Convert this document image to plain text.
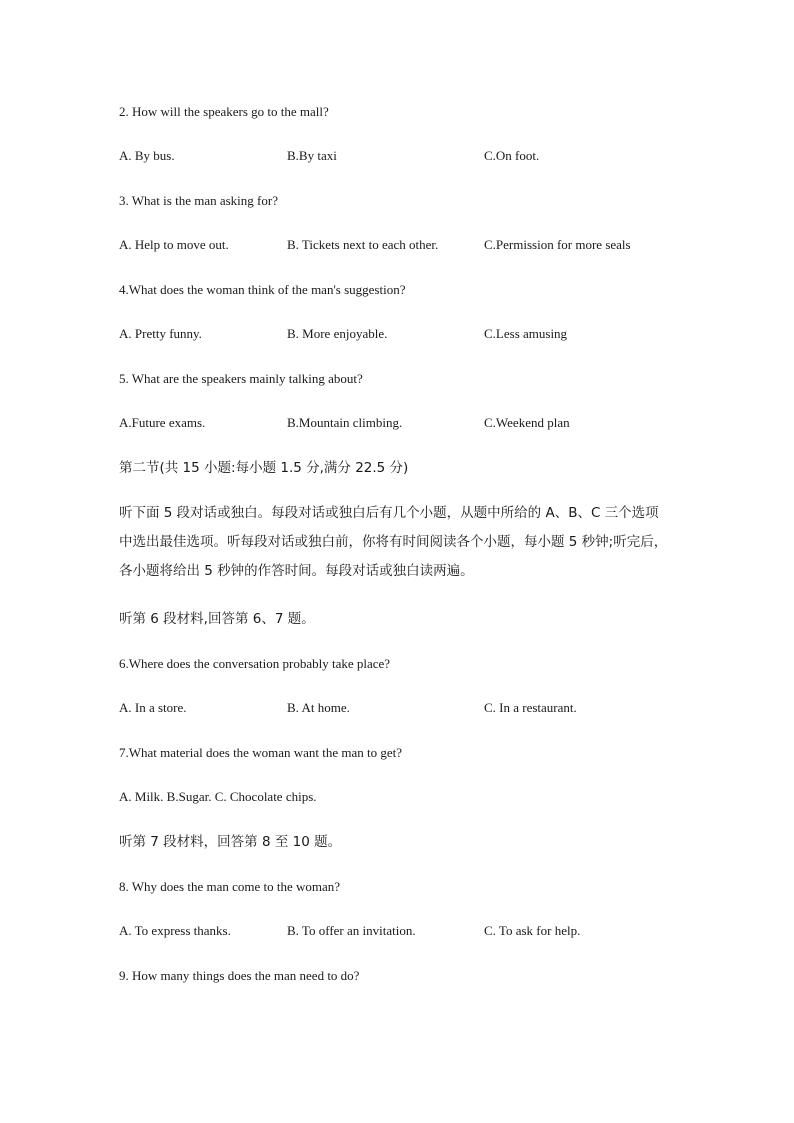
2. How will the speakers go to the mall?
A. By bus.	B.By taxi	C.On foot.
3. What is the man asking for?
A. Help to move out.	B. Tickets next to each other.	C.Permission for more seals
4.What does the woman think of the man's suggestion?
A. Pretty funny.	B. More enjoyable.	C.Less amusing
5. What are the speakers mainly talking about?
A.Future exams.	B.Mountain climbing.	C.Weekend plan
第二节(共 15 小题:每小题 1.5 分,满分 22.5 分)
听下面 5 段对话或独白。每段对话或独白后有几个小题，从题中所给的 A、B、C 三个选项
中选出最佳选项。听每段对话或独白前，你将有时间阅读各个小题，每小题 5 秒钟;听完后，
各小题将给出 5 秒钟的作答时间。每段对话或独白读两遍。
听第 6 段材料,回答第 6、7 题。
6.Where does the conversation probably take place?
A. In a store.	B. At home.	C. In a restaurant.
7.What material does the woman want the man to get?
A. Milk. B.Sugar. C. Chocolate chips.
听第 7 段材料，回答第 8 至 10 题。
8. Why does the man come to the woman?
A. To express thanks.	B. To offer an invitation.	C. To ask for help.
9. How many things does the man need to do?
